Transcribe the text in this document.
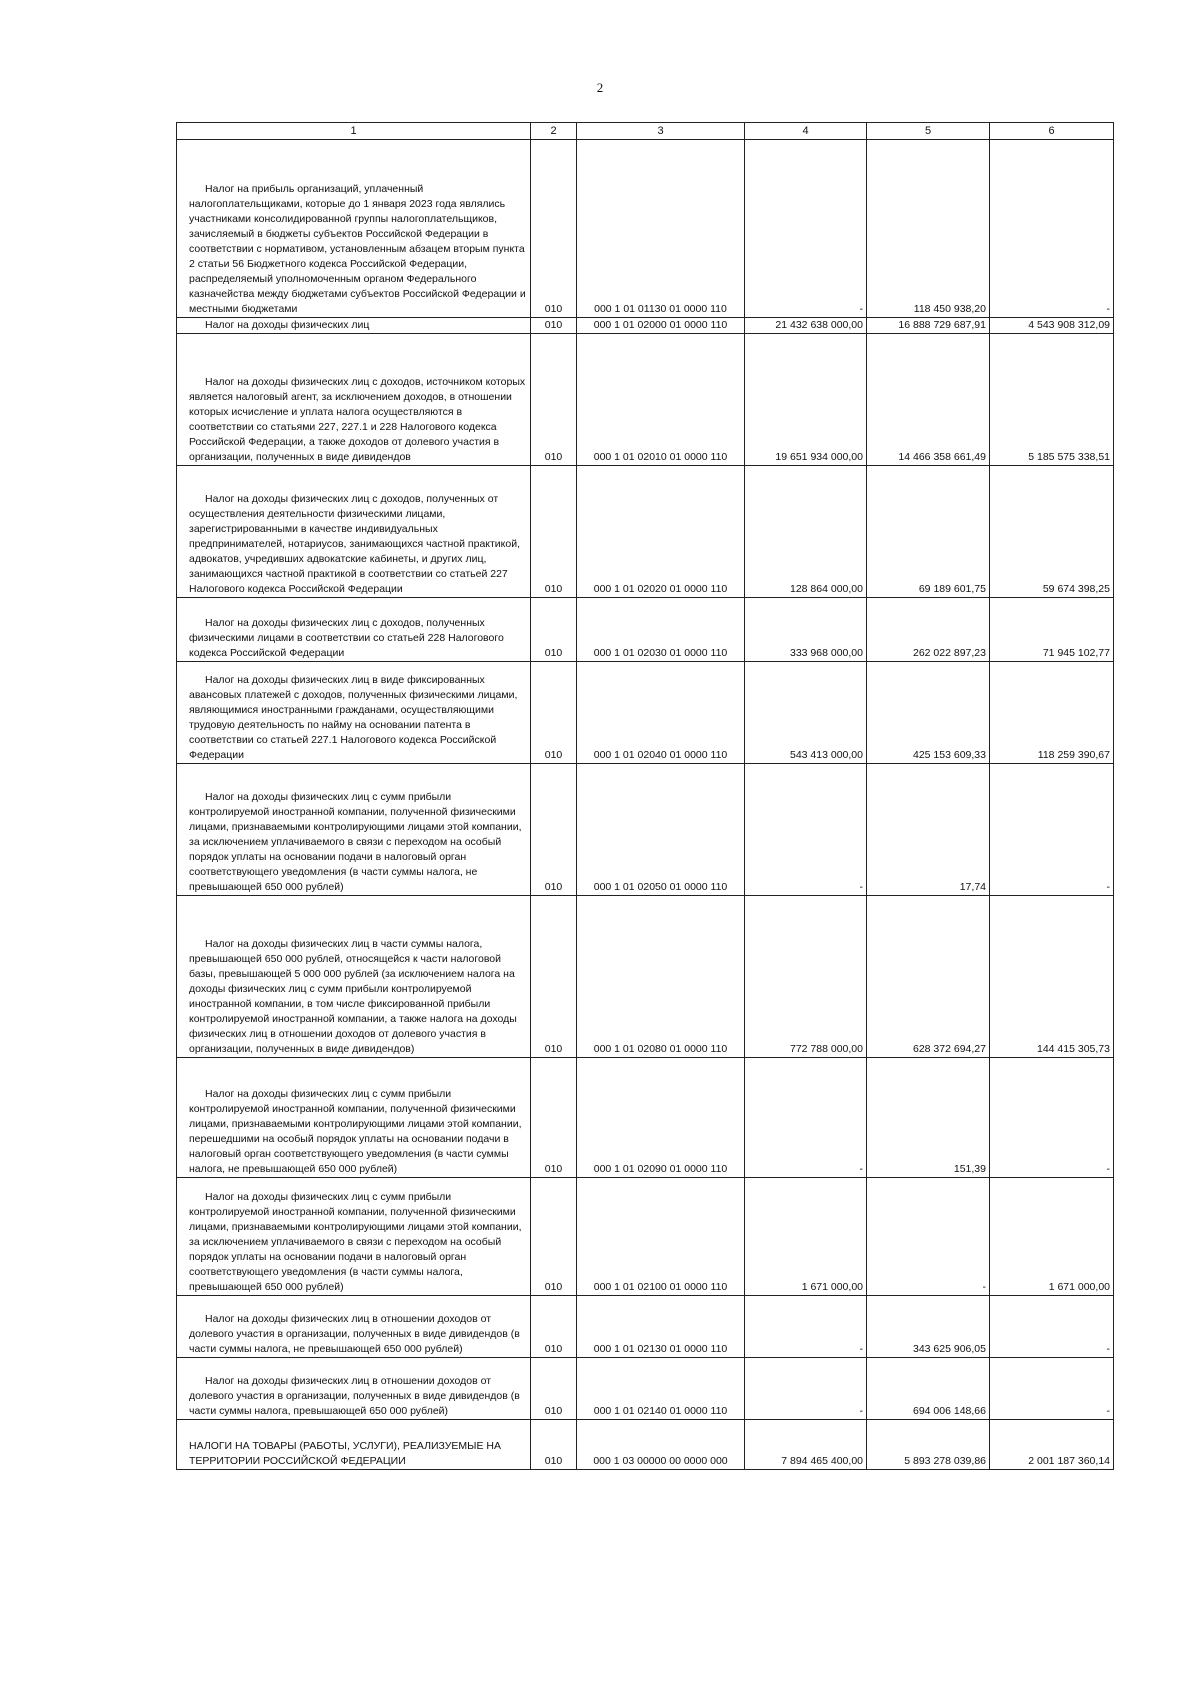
2
1	2	3	4	5	6

Налог на прибыль организаций, уплаченный налогоплательщиками, которые до 1 января 2023 года являлись участниками консолидированной группы налогоплательщиков, зачисляемый в бюджеты субъектов Российской Федерации в соответствии с нормативом, установленным абзацем вторым пункта 2 статьи 56 Бюджетного кодекса Российской Федерации, распределяемый уполномоченным органом Федерального казначейства между бюджетами субъектов Российской Федерации и местными бюджетами	010	000 1 01 01130 01 0000 110	-	118 450 938,20	-

Налог на доходы физических лиц	010	000 1 01 02000 01 0000 110	21 432 638 000,00	16 888 729 687,91	4 543 908 312,09

Налог на доходы физических лиц с доходов, источником которых является налоговый агент, за исключением доходов, в отношении которых исчисление и уплата налога осуществляются в соответствии со статьями 227, 227.1 и 228 Налогового кодекса Российской Федерации, а также доходов от долевого участия в организации, полученных в виде дивидендов	010	000 1 01 02010 01 0000 110	19 651 934 000,00	14 466 358 661,49	5 185 575 338,51

Налог на доходы физических лиц с доходов, полученных от осуществления деятельности физическими лицами, зарегистрированными в качестве индивидуальных предпринимателей, нотариусов, занимающихся частной практикой, адвокатов, учредивших адвокатские кабинеты, и других лиц, занимающихся частной практикой в соответствии со статьей 227 Налогового кодекса Российской Федерации	010	000 1 01 02020 01 0000 110	128 864 000,00	69 189 601,75	59 674 398,25

Налог на доходы физических лиц с доходов, полученных физическими лицами в соответствии со статьей 228 Налогового кодекса Российской Федерации	010	000 1 01 02030 01 0000 110	333 968 000,00	262 022 897,23	71 945 102,77

Налог на доходы физических лиц в виде фиксированных авансовых платежей с доходов, полученных физическими лицами, являющимися иностранными гражданами, осуществляющими трудовую деятельность по найму на основании патента в соответствии со статьей 227.1 Налогового кодекса Российской Федерации	010	000 1 01 02040 01 0000 110	543 413 000,00	425 153 609,33	118 259 390,67

Налог на доходы физических лиц с сумм прибыли контролируемой иностранной компании, полученной физическими лицами, признаваемыми контролирующими лицами этой компании, за исключением уплачиваемого в связи с переходом на особый порядок уплаты на основании подачи в налоговый орган соответствующего уведомления (в части суммы налога, не превышающей 650 000 рублей)	010	000 1 01 02050 01 0000 110	-	17,74	-

Налог на доходы физических лиц в части суммы налога, превышающей 650 000 рублей, относящейся к части налоговой базы, превышающей 5 000 000 рублей (за исключением налога на доходы физических лиц с сумм прибыли контролируемой иностранной компании, в том числе фиксированной прибыли контролируемой иностранной компании, а также налога на доходы физических лиц в отношении доходов от долевого участия в организации, полученных в виде дивидендов)	010	000 1 01 02080 01 0000 110	772 788 000,00	628 372 694,27	144 415 305,73

Налог на доходы физических лиц с сумм прибыли контролируемой иностранной компании, полученной физическими лицами, признаваемыми контролирующими лицами этой компании, перешедшими на особый порядок уплаты на основании подачи в налоговый орган соответствующего уведомления (в части суммы налога, не превышающей 650 000 рублей)	010	000 1 01 02090 01 0000 110	-	151,39	-

Налог на доходы физических лиц с сумм прибыли контролируемой иностранной компании, полученной физическими лицами, признаваемыми контролирующими лицами этой компании, за исключением уплачиваемого в связи с переходом на особый порядок уплаты на основании подачи в налоговый орган соответствующего уведомления (в части суммы налога, превышающей 650 000 рублей)	010	000 1 01 02100 01 0000 110	1 671 000,00	-	1 671 000,00

Налог на доходы физических лиц в отношении доходов от долевого участия в организации, полученных в виде дивидендов (в части суммы налога, не превышающей 650 000 рублей)	010	000 1 01 02130 01 0000 110	-	343 625 906,05	-

Налог на доходы физических лиц в отношении доходов от долевого участия в организации, полученных в виде дивидендов (в части суммы налога, превышающей 650 000 рублей)	010	000 1 01 02140 01 0000 110	-	694 006 148,66	-

НАЛОГИ НА ТОВАРЫ (РАБОТЫ, УСЛУГИ), РЕАЛИЗУЕМЫЕ НА ТЕРРИТОРИИ РОССИЙСКОЙ ФЕДЕРАЦИИ	010	000 1 03 00000 00 0000 000	7 894 465 400,00	5 893 278 039,86	2 001 187 360,14
